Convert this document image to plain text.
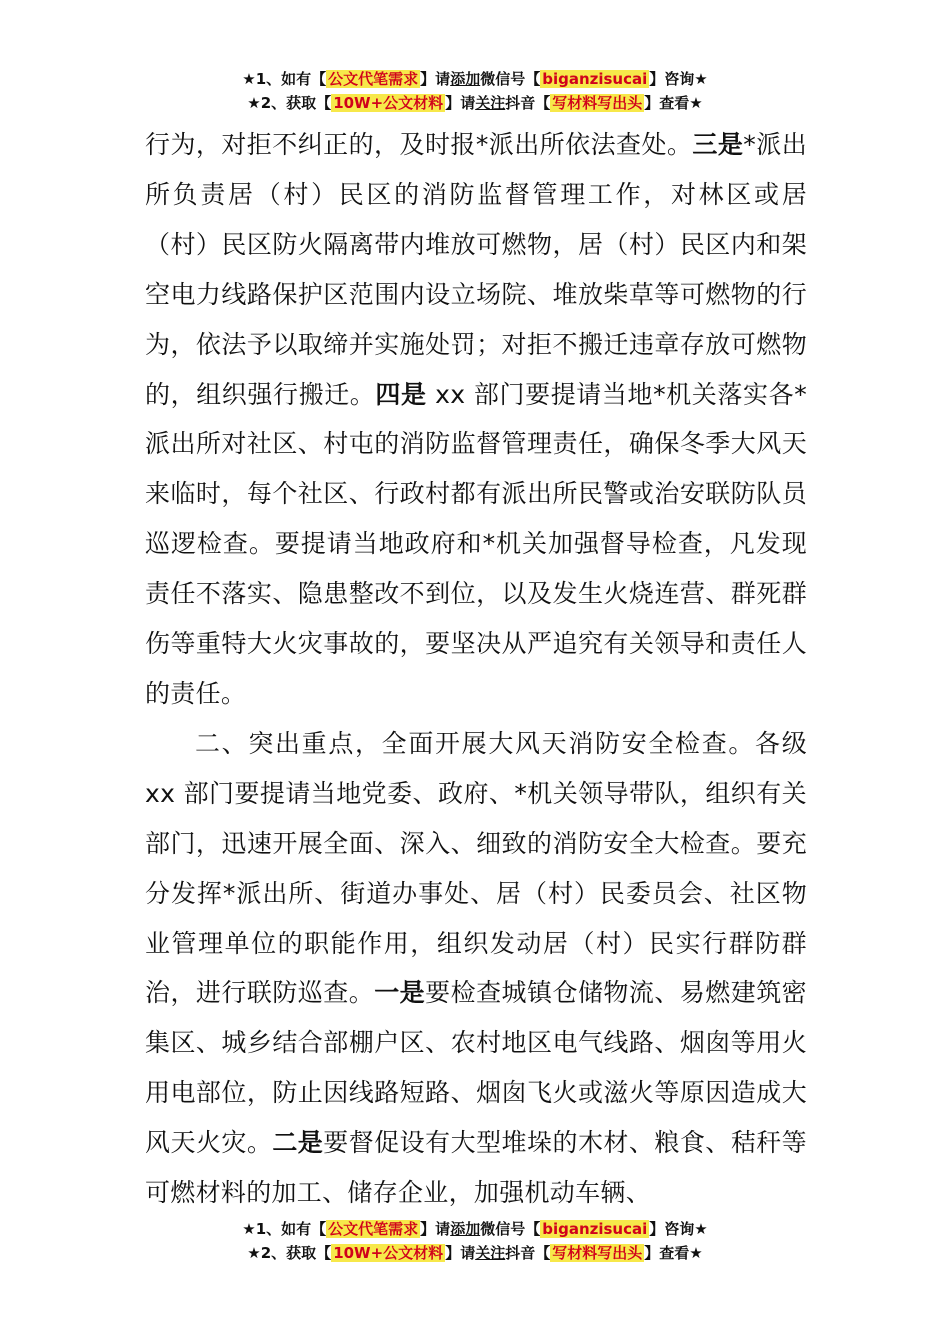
★1、如有【 公文代笔需求 】请添加微信号【 biganzisucai 】咨询★
★2、获取【 10W+公文材料 】请关注抖音【 写材料写出头 】查看★

行为，对拒不纠正的，及时报*派出所依法查处。三是*派出所负责居（村）民区的消防监督管理工作，对林区或居（村）民区防火隔离带内堆放可燃物，居（村）民区内和架空电力线路保护区范围内设立场院、堆放柴草等可燃物的行为，依法予以取缔并实施处罚；对拒不搬迁违章存放可燃物的，组织强行搬迁。四是 xx 部门要提请当地*机关落实各*派出所对社区、村屯的消防监督管理责任，确保冬季大风天来临时，每个社区、行政村都有派出所民警或治安联防队员巡逻检查。要提请当地政府和*机关加强督导检查，凡发现责任不落实、隐患整改不到位，以及发生火烧连营、群死群伤等重特大火灾事故的，要坚决从严追究有关领导和责任人的责任。

二、突出重点，全面开展大风天消防安全检查。各级 xx 部门要提请当地党委、政府、*机关领导带队，组织有关部门，迅速开展全面、深入、细致的消防安全大检查。要充分发挥*派出所、街道办事处、居（村）民委员会、社区物业管理单位的职能作用，组织发动居（村）民实行群防群治，进行联防巡查。一是要检查城镇仓储物流、易燃建筑密集区、城乡结合部棚户区、农村地区电气线路、烟囱等用火用电部位，防止因线路短路、烟囱飞火或滋火等原因造成大风天火灾。二是要督促设有大型堆垛的木材、粮食、秸秆等可燃材料的加工、储存企业，加强机动车辆、

★1、如有【 公文代笔需求 】请添加微信号【 biganzisucai 】咨询★
★2、获取【 10W+公文材料 】请关注抖音【 写材料写出头 】查看★
